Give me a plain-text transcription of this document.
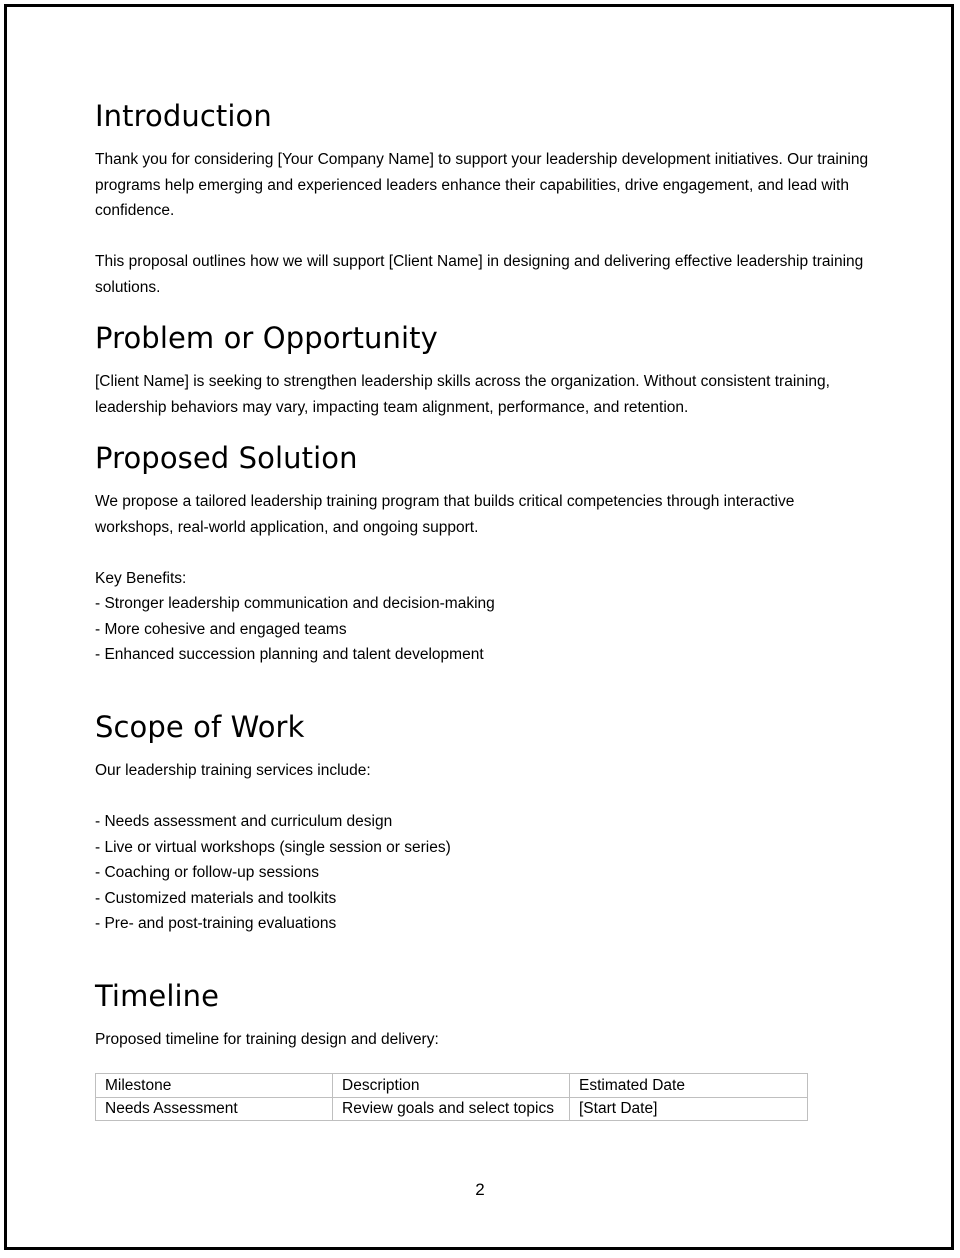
Introduction

Thank you for considering [Your Company Name] to support your leadership development initiatives. Our training programs help emerging and experienced leaders enhance their capabilities, drive engagement, and lead with confidence.

This proposal outlines how we will support [Client Name] in designing and delivering effective leadership training solutions.

Problem or Opportunity

[Client Name] is seeking to strengthen leadership skills across the organization. Without consistent training, leadership behaviors may vary, impacting team alignment, performance, and retention.

Proposed Solution

We propose a tailored leadership training program that builds critical competencies through interactive workshops, real-world application, and ongoing support.

Key Benefits:

- Stronger leadership communication and decision-making
- More cohesive and engaged teams
- Enhanced succession planning and talent development
Scope of Work

Our leadership training services include:

- Needs assessment and curriculum design
- Live or virtual workshops (single session or series)
- Coaching or follow-up sessions
- Customized materials and toolkits
- Pre- and post-training evaluations
Timeline

Proposed timeline for training design and delivery:

Milestone	Description	Estimated Date
Needs Assessment	Review goals and select topics	[Start Date]
2
